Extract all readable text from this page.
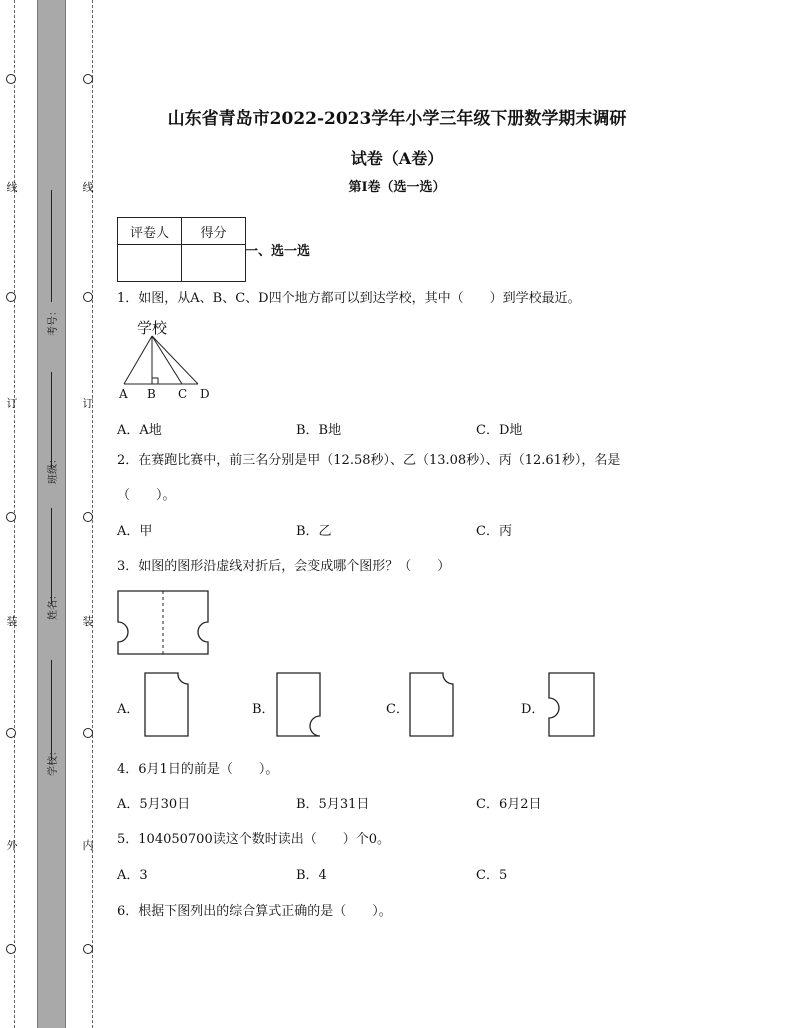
线
订
装
外
线
订
装
内
考号：
班级：
姓名：
学校：
山东省青岛市2022-2023学年小学三年级下册数学期末调研
试卷（A卷）
第I卷（选一选）
评卷人	得分

一、选一选
1．如图，从A、B、C、D四个地方都可以到达学校，其中（　　）到学校最近。
学校
A B C D
A．A地	B．B地	C．D地
2．在赛跑比赛中，前三名分别是甲（12.58秒）、乙（13.08秒）、丙（12.61秒），名是
（　　）。
A．甲	B．乙	C．丙
3．如图的图形沿虚线对折后，会变成哪个图形？（　　）
A．	B．	C．	D．
4．6月1日的前是（　　）。
A．5月30日	B．5月31日	C．6月2日
5．104050700读这个数时读出（　　）个0。
A．3	B．4	C．5
6．根据下图列出的综合算式正确的是（　　）。
